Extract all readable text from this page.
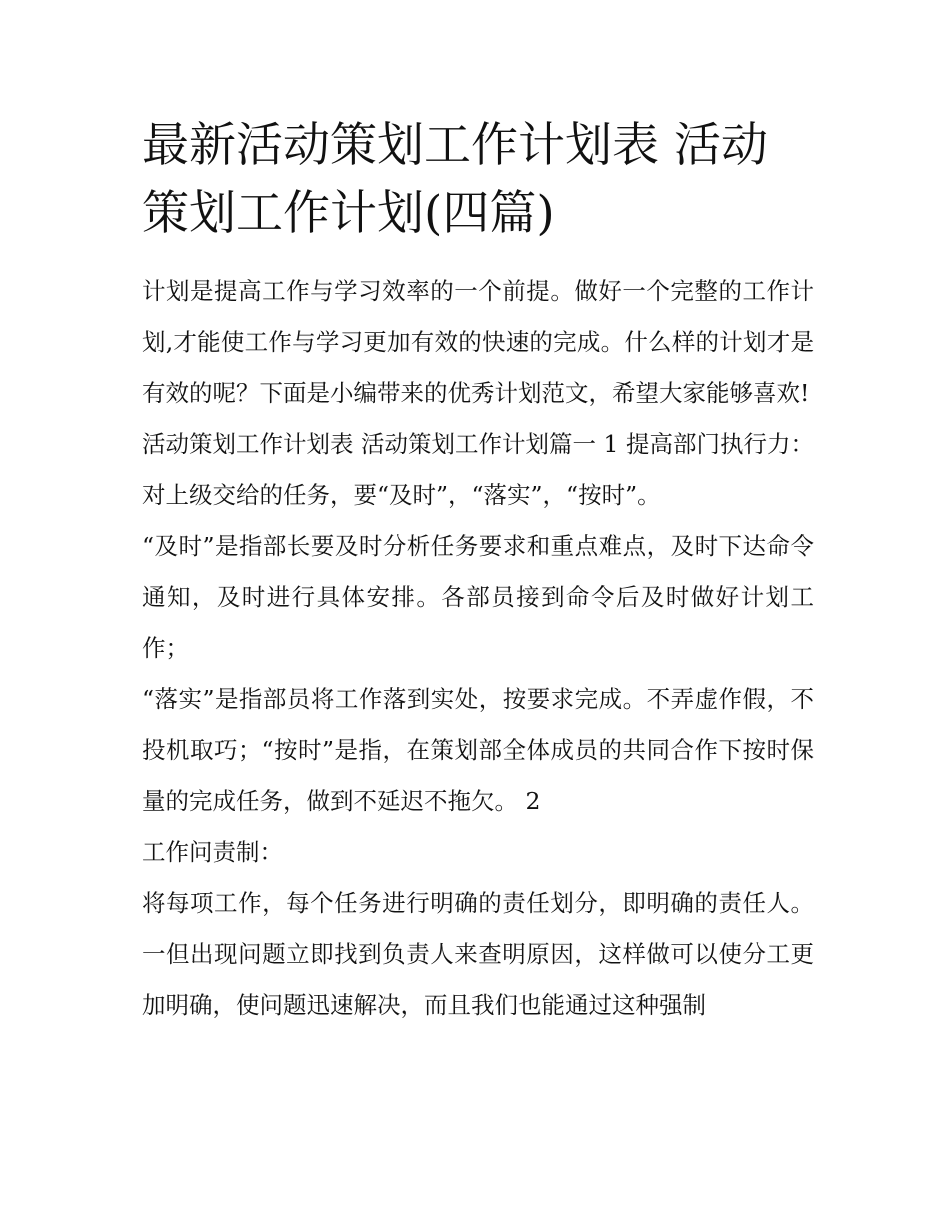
最新活动策划工作计划表 活动策划工作计划(四篇)

计划是提高工作与学习效率的一个前提。做好一个完整的工作计划,才能使工作与学习更加有效的快速的完成。什么样的计划才是有效的呢？下面是小编带来的优秀计划范文，希望大家能够喜欢!

活动策划工作计划表 活动策划工作计划篇一 1 提高部门执行力： 对上级交给的任务，要“及时”，“落实”，“按时”。

“及时”是指部长要及时分析任务要求和重点难点，及时下达命令通知，及时进行具体安排。各部员接到命令后及时做好计划工作；

“落实”是指部员将工作落到实处，按要求完成。不弄虚作假，不投机取巧；“按时”是指，在策划部全体成员的共同合作下按时保量的完成任务，做到不延迟不拖欠。 2

工作问责制：

将每项工作，每个任务进行明确的责任划分，即明确的责任人。一但出现问题立即找到负责人来查明原因，这样做可以使分工更加明确，使问题迅速解决，而且我们也能通过这种强制
